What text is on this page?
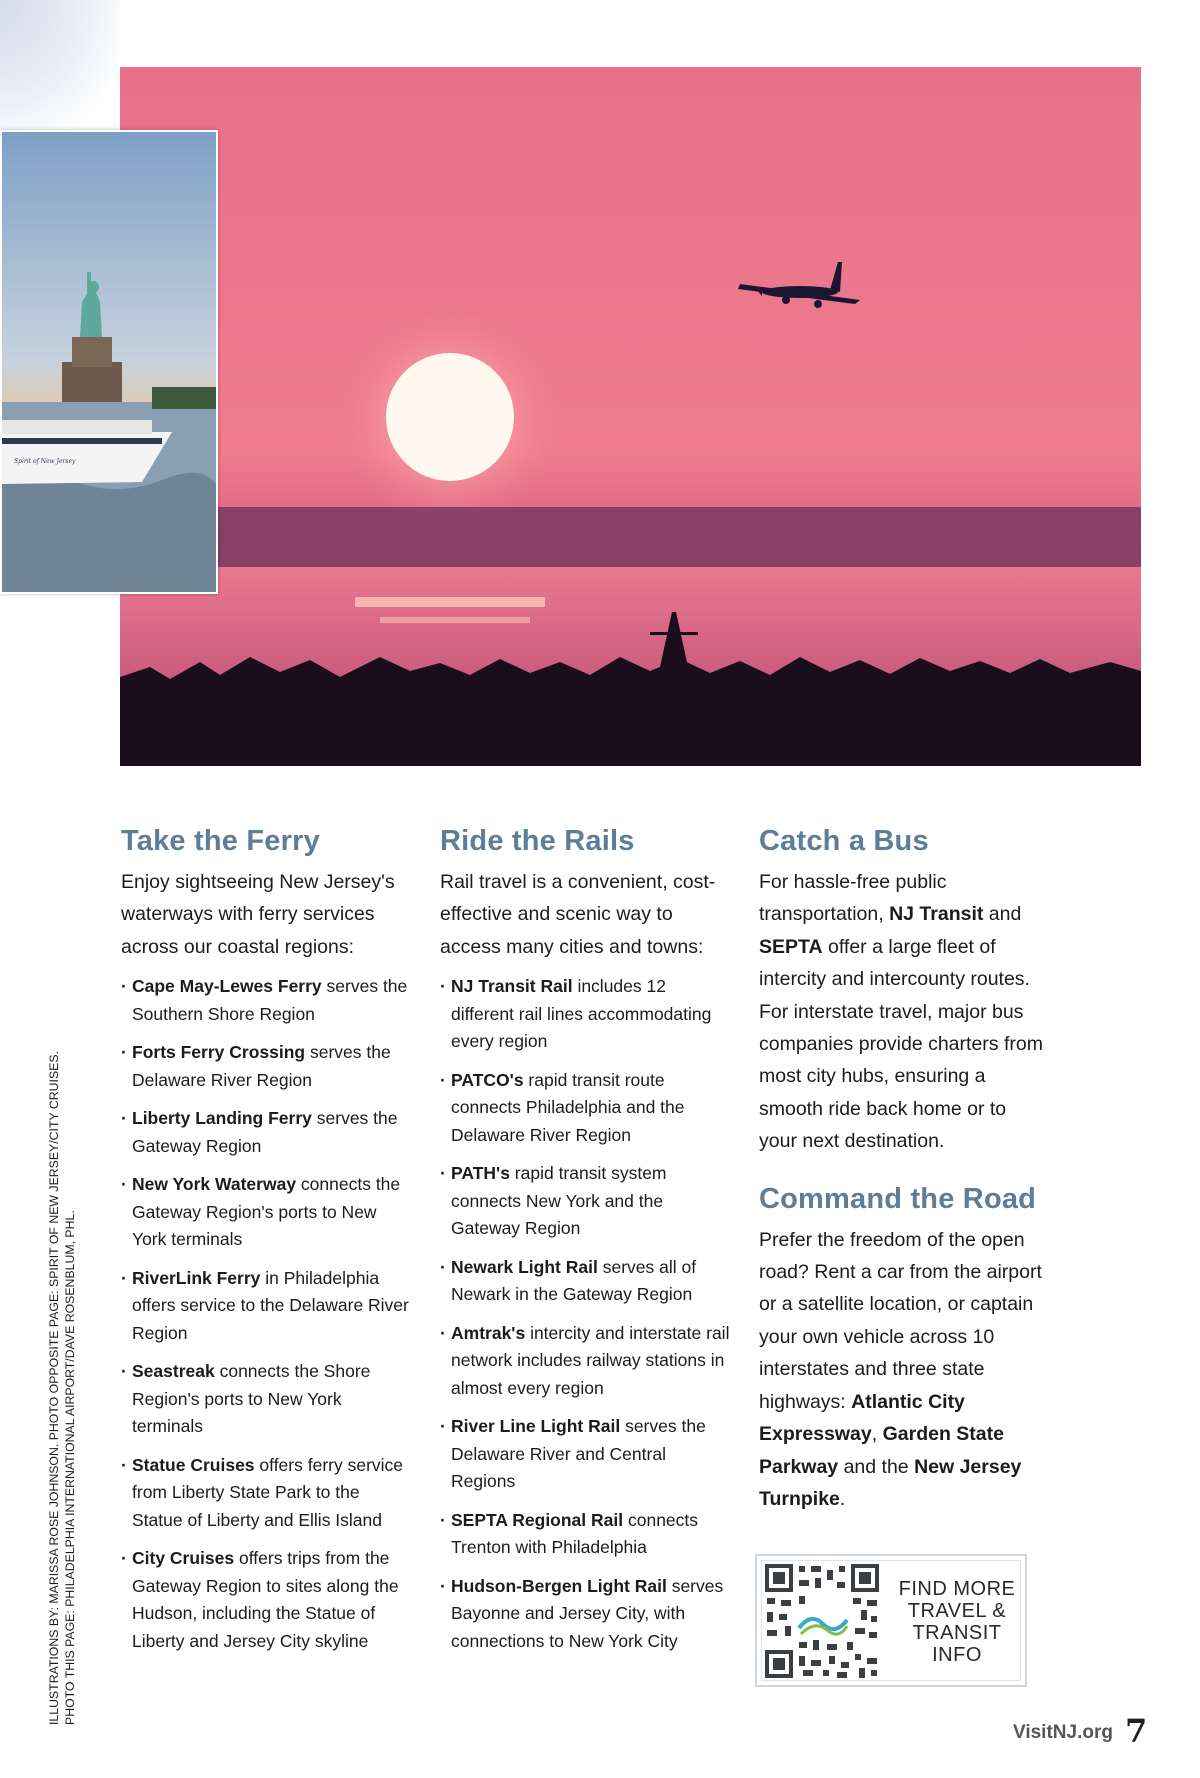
Spirit of New Jersey
Take the Ferry

Enjoy sightseeing New Jersey's waterways with ferry services across our coastal regions:

· Cape May-Lewes Ferry serves the Southern Shore Region
· Forts Ferry Crossing serves the Delaware River Region
· Liberty Landing Ferry serves the Gateway Region
· New York Waterway connects the Gateway Region's ports to New York terminals
· RiverLink Ferry in Philadelphia offers service to the Delaware River Region
· Seastreak connects the Shore Region's ports to New York terminals
· Statue Cruises offers ferry service from Liberty State Park to the Statue of Liberty and Ellis Island
· City Cruises offers trips from the Gateway Region to sites along the Hudson, including the Statue of Liberty and Jersey City skyline
Ride the Rails

Rail travel is a convenient, cost-effective and scenic way to access many cities and towns:

· NJ Transit Rail includes 12 different rail lines accommodating every region
· PATCO's rapid transit route connects Philadelphia and the Delaware River Region
· PATH's rapid transit system connects New York and the Gateway Region
· Newark Light Rail serves all of Newark in the Gateway Region
· Amtrak's intercity and interstate rail network includes railway stations in almost every region
· River Line Light Rail serves the Delaware River and Central Regions
· SEPTA Regional Rail connects Trenton with Philadelphia
· Hudson-Bergen Light Rail serves Bayonne and Jersey City, with connections to New York City
Catch a Bus

For hassle-free public transportation, NJ Transit and SEPTA offer a large fleet of intercity and intercounty routes. For interstate travel, major bus companies provide charters from most city hubs, ensuring a smooth ride back home or to your next destination.

Command the Road

Prefer the freedom of the open road? Rent a car from the airport or a satellite location, or captain your own vehicle across 10 interstates and three state highways: Atlantic City Expressway, Garden State Parkway and the New Jersey Turnpike.

FIND MORE
TRAVEL &
TRANSIT
INFO
ILLUSTRATIONS BY: MARISSA ROSE JOHNSON. PHOTO OPPOSITE PAGE: SPIRIT OF NEW JERSEY/CITY CRUISES. PHOTO THIS PAGE: PHILADELPHIA INTERNATIONAL AIRPORT/DAVE ROSENBLUM, PHL.
VisitNJ.org 7
